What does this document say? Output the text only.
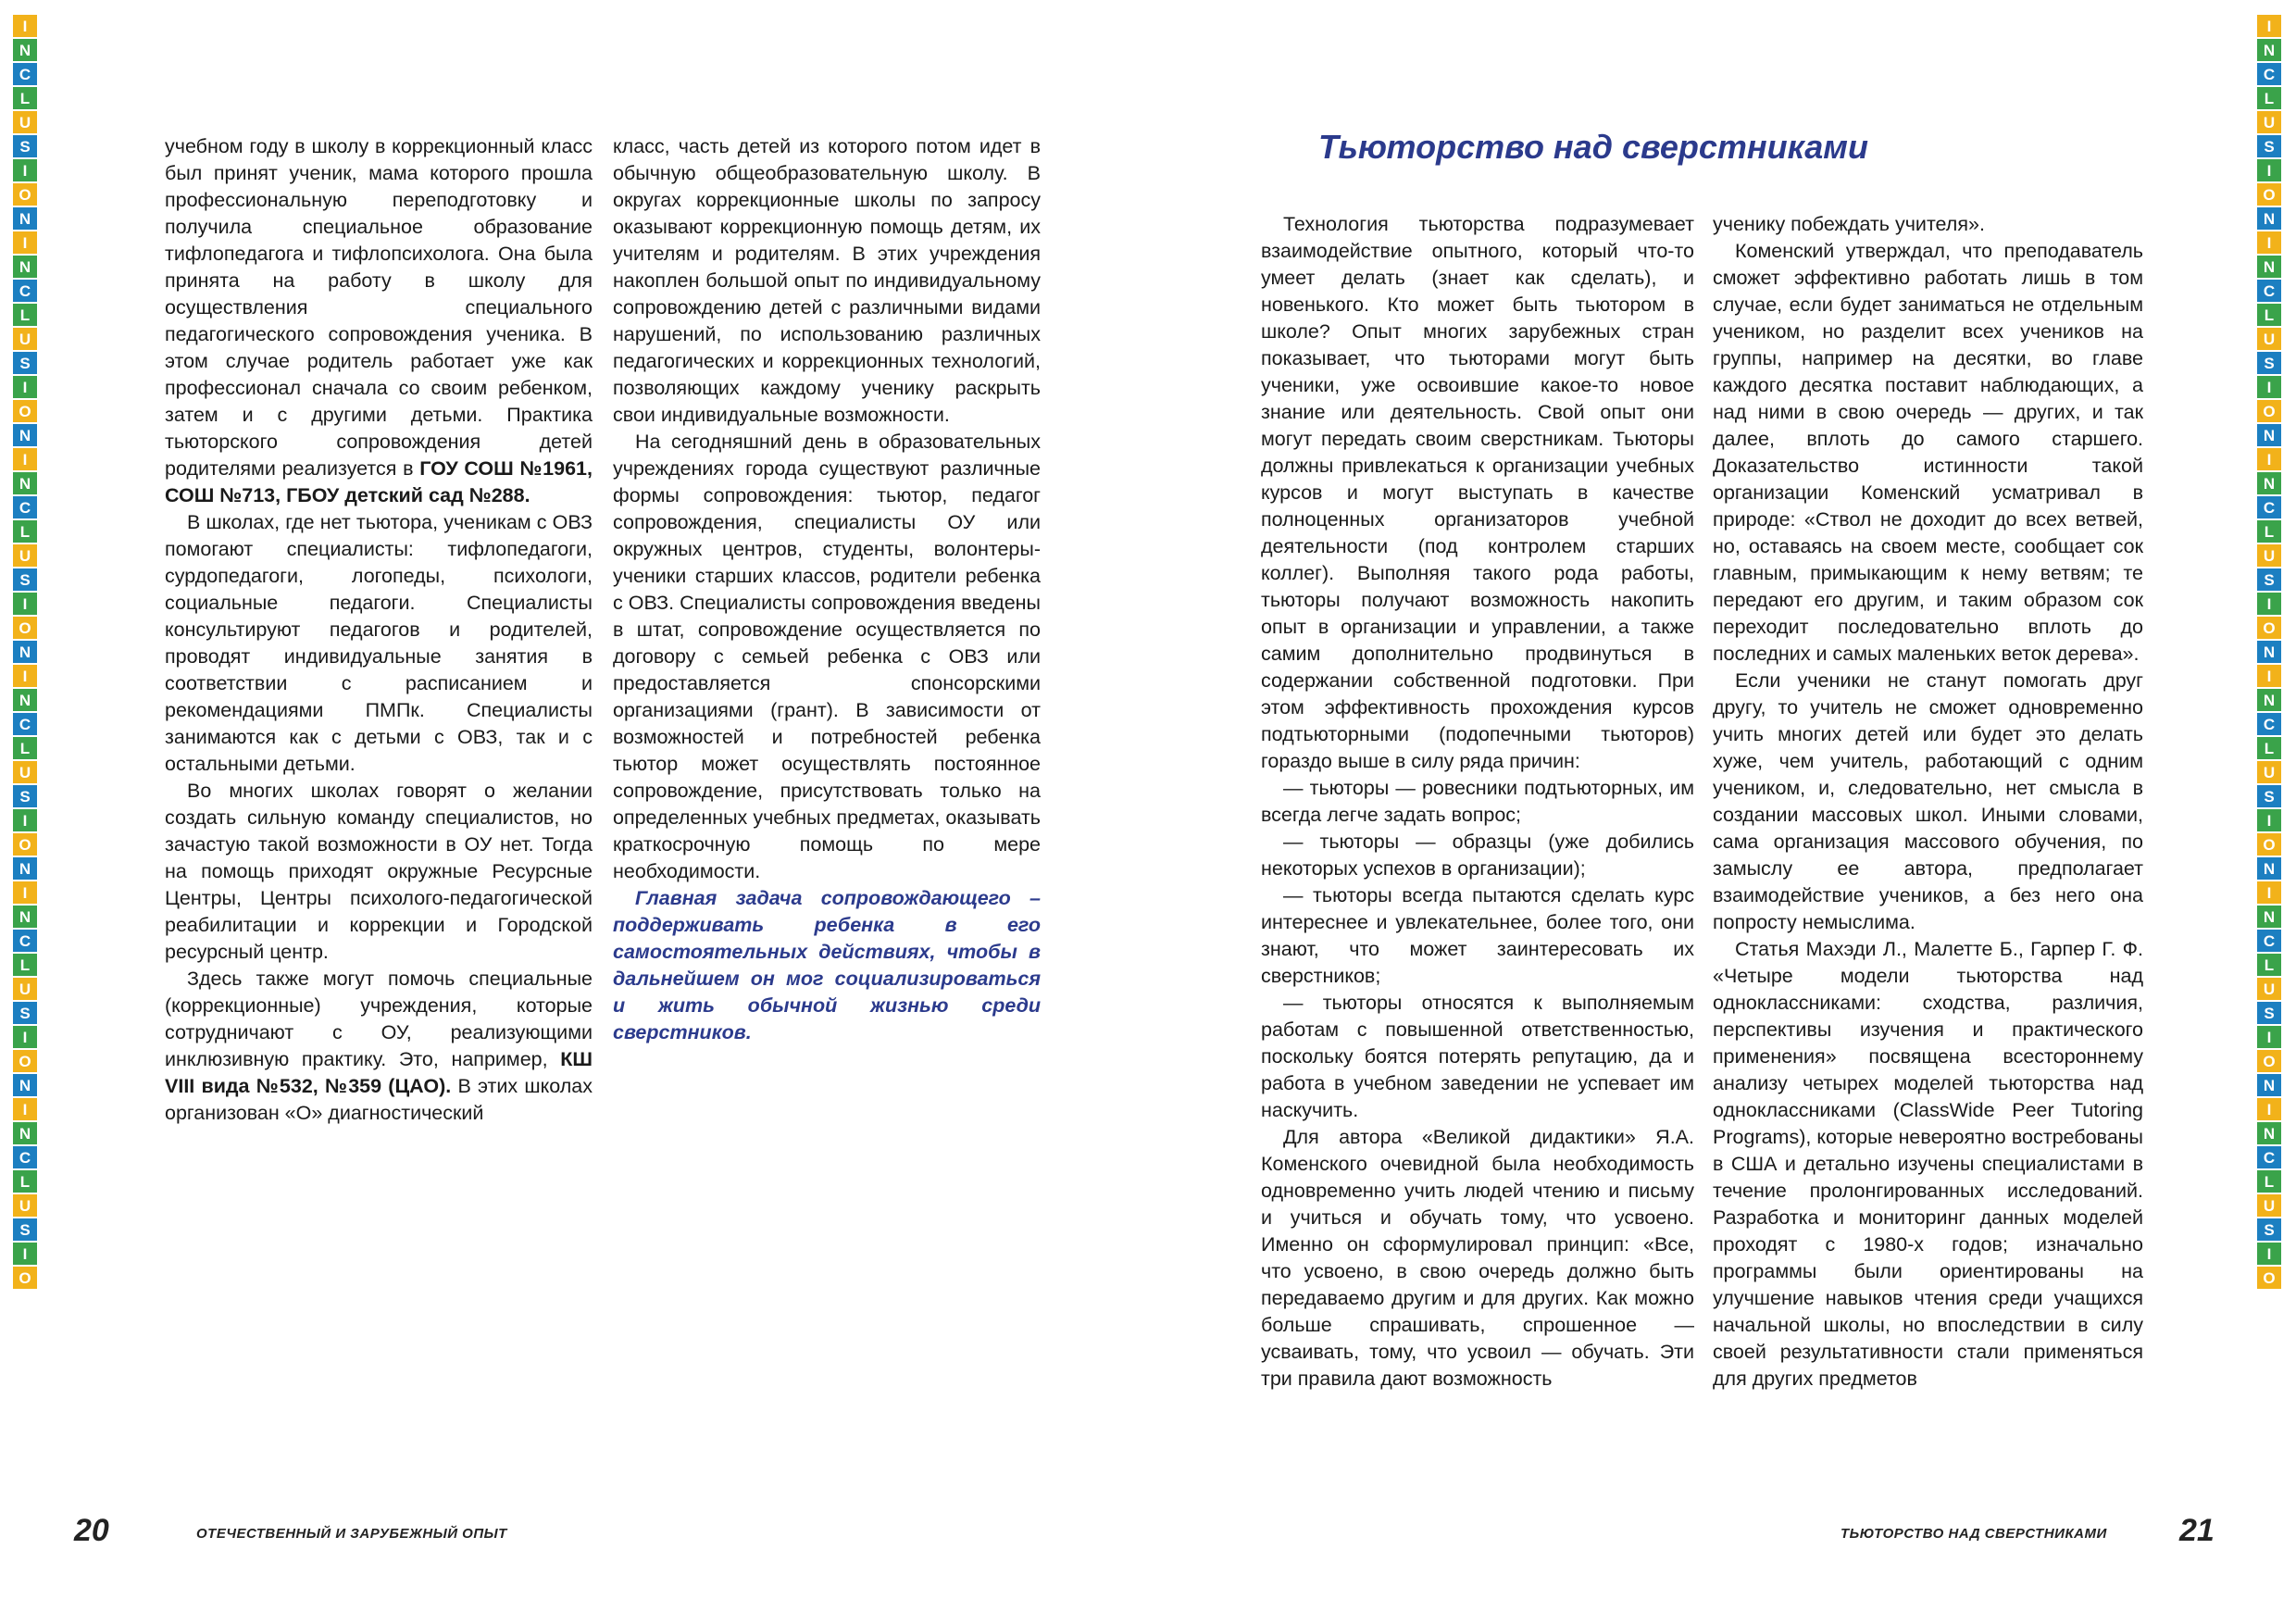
I
N
C
L
U
S
I
O
N
I
N
C
L
U
S
I
O
N
I
N
C
L
U
S
I
O
N
I
N
C
L
U
S
I
O
N
I
N
C
L
U
S
I
O
N
I
N
C
L
U
S
I
O
I
N
C
L
U
S
I
O
N
I
N
C
L
U
S
I
O
N
I
N
C
L
U
S
I
O
N
I
N
C
L
U
S
I
O
N
I
N
C
L
U
S
I
O
N
I
N
C
L
U
S
I
O

учебном году в школу в коррекционный класс был принят ученик, мама которого прошла профессиональную переподготовку и получила специальное образование тифлопедагога и тифлопсихолога. Она была принята на работу в школу для осуществления специального педагогического сопровождения ученика. В этом случае родитель работает уже как профессионал сначала со своим ребенком, затем и с другими детьми. Практика тьюторского сопровождения детей родителями реализуется в ГОУ СОШ №1961, СОШ №713, ГБОУ детский сад №288.

В школах, где нет тьютора, ученикам с ОВЗ помогают специалисты: тифлопедагоги, сурдопедагоги, логопеды, психологи, социальные педагоги. Специалисты консультируют педагогов и родителей, проводят индивидуальные занятия в соответствии с расписанием и рекомендациями ПМПк. Специалисты занимаются как с детьми с ОВЗ, так и с остальными детьми.

Во многих школах говорят о желании создать сильную команду специалистов, но зачастую такой возможности в ОУ нет. Тогда на помощь приходят окружные Ресурсные Центры, Центры психолого-педагогической реабилитации и коррекции и Городской ресурсный центр.

Здесь также могут помочь специальные (коррекционные) учреждения, которые сотрудничают с ОУ, реализующими инклюзивную практику. Это, например, КШ VIII вида №532, №359 (ЦАО). В этих школах организован «О» диагностический

класс, часть детей из которого потом идет в обычную общеобразовательную школу. В округах коррекционные школы по запросу оказывают коррекционную помощь детям, их учителям и родителям. В этих учреждения накоплен большой опыт по индивидуальному сопровождению детей с различными видами нарушений, по использованию различных педагогических и коррекционных технологий, позволяющих каждому ученику раскрыть свои индивидуальные возможности.

На сегодняшний день в образовательных учреждениях города существуют различные формы сопровождения: тьютор, педагог сопровождения, специалисты ОУ или окружных центров, студенты, волонтеры-ученики старших классов, родители ребенка с ОВЗ. Специалисты сопровождения введены в штат, сопровождение осуществляется по договору с семьей ребенка с ОВЗ или предоставляется спонсорскими организациями (грант). В зависимости от возможностей и потребностей ребенка тьютор может осуществлять постоянное сопровождение, присутствовать только на определенных учебных предметах, оказывать краткосрочную помощь по мере необходимости.

Главная задача сопровождающего – поддерживать ребенка в его самостоятельных действиях, чтобы в дальнейшем он мог социализироваться и жить обычной жизнью среди сверстников.

20	ОТЕЧЕСТВЕННЫЙ И ЗАРУБЕЖНЫЙ ОПЫТ
Тьюторство над сверстниками

Технология тьюторства подразумевает взаимодействие опытного, который что-то умеет делать (знает как сделать), и новенького. Кто может быть тьютором в школе? Опыт многих зарубежных стран показывает, что тьюторами могут быть ученики, уже освоившие какое-то новое знание или деятельность. Свой опыт они могут передать своим сверстникам. Тьюторы должны привлекаться к организации учебных курсов и могут выступать в качестве полноценных организаторов учебной деятельности (под контролем старших коллег). Выполняя такого рода работы, тьюторы получают возможность накопить опыт в организации и управлении, а также самим дополнительно продвинуться в содержании собственной подготовки. При этом эффективность прохождения курсов подтьюторными (подопечными тьюторов) гораздо выше в силу ряда причин:

— тьюторы — ровесники подтьюторных, им всегда легче задать вопрос;

— тьюторы — образцы (уже добились некоторых успехов в организации);

— тьюторы всегда пытаются сделать курс интереснее и увлекательнее, более того, они знают, что может заинтересовать их сверстников;

— тьюторы относятся к выполняемым работам с повышенной ответственностью, поскольку боятся потерять репутацию, да и работа в учебном заведении не успевает им наскучить.

Для автора «Великой дидактики» Я.А. Коменского очевидной была необходимость одновременно учить людей чтению и письму и учиться и обучать тому, что усвоено. Именно он сформулировал принцип: «Все, что усвоено, в свою очередь должно быть передаваемо другим и для других. Как можно больше спрашивать, спрошенное — усваивать, тому, что усвоил — обучать. Эти три правила дают возможность

ученику побеждать учителя».

Коменский утверждал, что преподаватель сможет эффективно работать лишь в том случае, если будет заниматься не отдельным учеником, но разделит всех учеников на группы, например на десятки, во главе каждого десятка поставит наблюдающих, а над ними в свою очередь — других, и так далее, вплоть до самого старшего. Доказательство истинности такой организации Коменский усматривал в природе: «Ствол не доходит до всех ветвей, но, оставаясь на своем месте, сообщает сок главным, примыкающим к нему ветвям; те передают его другим, и таким образом сок переходит последовательно вплоть до последних и самых маленьких веток дерева».

Если ученики не станут помогать друг другу, то учитель не сможет одновременно учить многих детей или будет это делать хуже, чем учитель, работающий с одним учеником, и, следовательно, нет смысла в создании массовых школ. Иными словами, сама организация массового обучения, по замыслу ее автора, предполагает взаимодействие учеников, а без него она попросту немыслима.

Статья Махэди Л., Малетте Б., Гарпер Г. Ф. «Четыре модели тьюторства над одноклассниками: сходства, различия, перспективы изучения и практического применения» посвящена всестороннему анализу четырех моделей тьюторства над одноклассниками (ClassWide Peer Tutoring Programs), которые невероятно востребованы в США и детально изучены специалистами в течение пролонгированных исследований. Разработка и мониторинг данных моделей проходят с 1980-х годов; изначально программы были ориентированы на улучшение навыков чтения среди учащихся начальной школы, но впоследствии в силу своей результативности стали применяться для других предметов

ТЬЮТОРСТВО НАД СВЕРСТНИКАМИ 21
